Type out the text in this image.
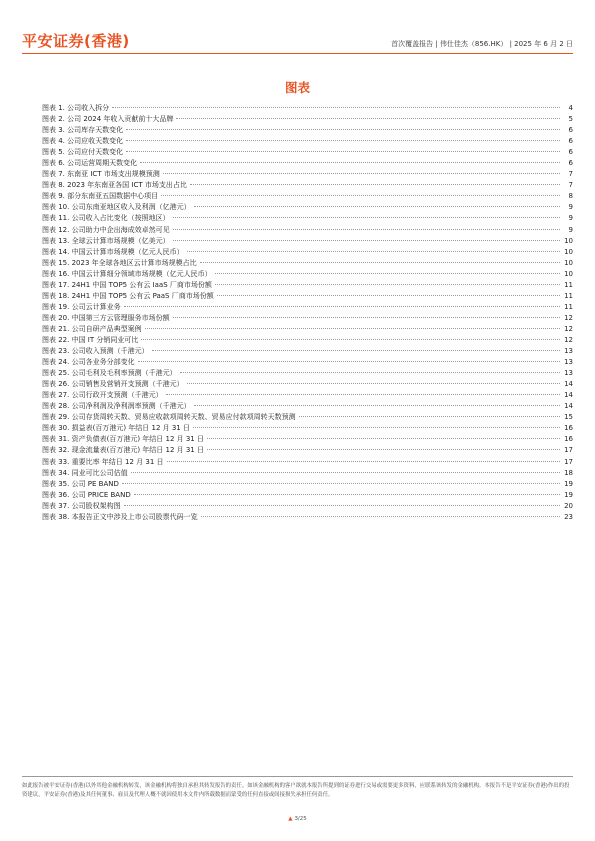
平安证券(香港)	首次覆盖报告 | 伟仕佳杰（856.HK） | 2025 年 6 月 2 日
图表
图表 1. 公司收入拆分	4
图表 2. 公司 2024 年收入贡献前十大品牌	5
图表 3. 公司库存天数变化	6
图表 4. 公司应收天数变化	6
图表 5. 公司应付天数变化	6
图表 6. 公司运营周期天数变化	6
图表 7. 东南亚 ICT 市场支出规模预测	7
图表 8. 2023 年东南亚各国 ICT 市场支出占比	7
图表 9. 部分东南亚五国数据中心项目	8
图表 10. 公司东南亚地区收入及利润（亿港元）	9
图表 11. 公司收入占比变化（按照地区）	9
图表 12. 公司助力中企出海成效卓然可见	9
图表 13. 全球云计算市场规模（亿美元）	10
图表 14. 中国云计算市场规模（亿元人民币）	10
图表 15. 2023 年全球各地区云计算市场规模占比	10
图表 16. 中国云计算细分领域市场规模（亿元人民币）	10
图表 17. 24H1 中国 TOP5 公有云 IaaS 厂商市场份额	11
图表 18. 24H1 中国 TOP5 公有云 PaaS 厂商市场份额	11
图表 19. 公司云计算业务	11
图表 20. 中国第三方云管理服务市场份额	12
图表 21. 公司自研产品典型案例	12
图表 22. 中国 IT 分销同业可比	12
图表 23. 公司收入预测（千港元）	13
图表 24. 公司各业务分部变化	13
图表 25. 公司毛利及毛利率预测（千港元）	13
图表 26. 公司销售及营销开支预测（千港元）	14
图表 27. 公司行政开支预测（千港元）	14
图表 28. 公司净利润及净利润率预测（千港元）	14
图表 29. 公司存货周转天数、贸易应收款项周转天数、贸易应付款项周转天数预测	15
图表 30. 损益表(百万港元) 年结日 12 月 31 日	16
图表 31. 资产负债表(百万港元) 年结日 12 月 31 日	16
图表 32. 现金流量表(百万港元) 年结日 12 月 31 日	17
图表 33. 重要比率 年结日 12 月 31 日	17
图表 34. 同业可比公司估值	18
图表 35. 公司 PE BAND	19
图表 36. 公司 PRICE BAND	19
图表 37. 公司股权架构图	20
图表 38. 本报告正文中涉及上市公司股票代码一览	23
如此报告被平安证券(香港)以外其他金融机构转发，该金融机构将独自承担其转发报告的责任。如该金融机构的客户欲就本报告所提到的证券进行交易或需要更多资料，应联系该转发的金融机构。本报告不是平安证券(香港)作出的投资建议，平安证券(香港)及其任何董事、雇员及代理人概不就因使用本文件内所载数据而蒙受的任何直接或间接损失承担任何责任。
▲ 3/25
